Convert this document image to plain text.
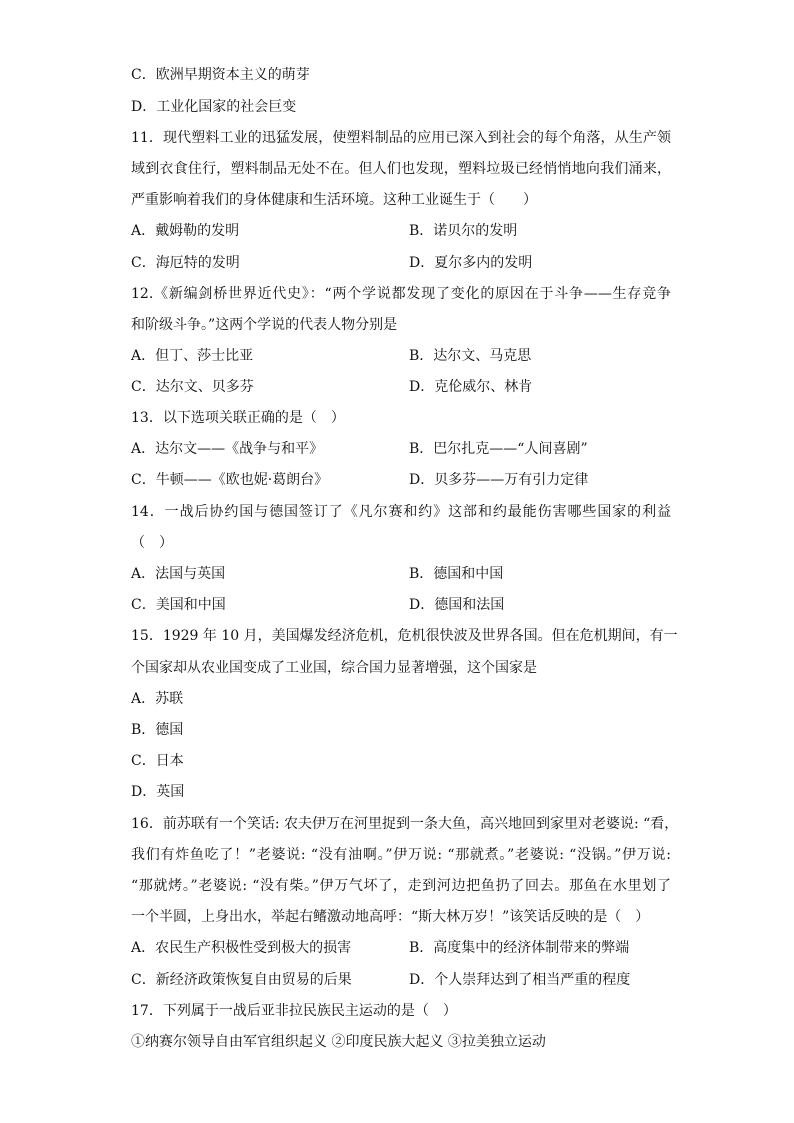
C．欧洲早期资本主义的萌芽
D．工业化国家的社会巨变
11．现代塑料工业的迅猛发展，使塑料制品的应用已深入到社会的每个角落，从生产领
域到衣食住行，塑料制品无处不在。但人们也发现，塑料垃圾已经悄悄地向我们涌来，
严重影响着我们的身体健康和生活环境。这种工业诞生于（　　）
A．戴姆勒的发明	B．诺贝尔的发明
C．海厄特的发明	D．夏尔多内的发明
12.《新编剑桥世界近代史》：“两个学说都发现了变化的原因在于斗争——生存竞争
和阶级斗争。”这两个学说的代表人物分别是
A．但丁、莎士比亚	B．达尔文、马克思
C．达尔文、贝多芬	D．克伦威尔、林肯
13．以下选项关联正确的是（　）
A．达尔文——《战争与和平》	B．巴尔扎克——“人间喜剧”
C．牛顿——《欧也妮·葛朗台》	D．贝多芬——万有引力定律
14．一战后协约国与德国签订了《凡尔赛和约》这部和约最能伤害哪些国家的利益
（　）
A．法国与英国	B．德国和中国
C．美国和中国	D．德国和法国
15．1929 年 10 月，美国爆发经济危机，危机很快波及世界各国。但在危机期间，有一
个国家却从农业国变成了工业国，综合国力显著增强，这个国家是
A．苏联
B．德国
C．日本
D．英国
16．前苏联有一个笑话: 农夫伊万在河里捉到一条大鱼，高兴地回到家里对老婆说: “看，
我们有炸鱼吃了！”老婆说: “没有油啊。”伊万说: “那就煮。”老婆说: “没锅。”伊万说:
“那就烤。”老婆说: “没有柴。”伊万气坏了，走到河边把鱼扔了回去。那鱼在水里划了
一个半圆，上身出水，举起右鳍激动地高呼：“斯大林万岁！”该笑话反映的是（　）
A．农民生产积极性受到极大的损害	B．高度集中的经济体制带来的弊端
C．新经济政策恢复自由贸易的后果	D．个人崇拜达到了相当严重的程度
17．下列属于一战后亚非拉民族民主运动的是（　）
①纳赛尔领导自由军官组织起义 ②印度民族大起义 ③拉美独立运动
